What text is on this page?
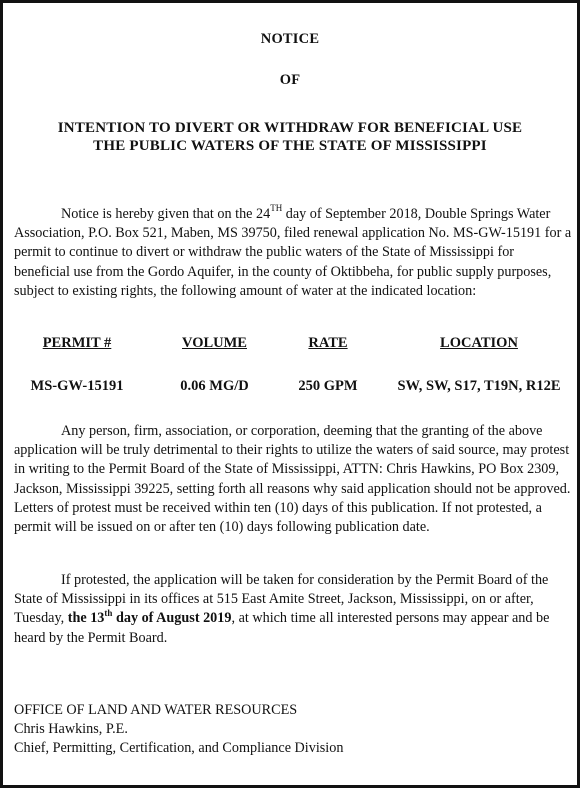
NOTICE
OF
INTENTION TO DIVERT OR WITHDRAW FOR BENEFICIAL USE
THE PUBLIC WATERS OF THE STATE OF MISSISSIPPI

Notice is hereby given that on the 24TH day of September 2018, Double Springs Water Association, P.O. Box 521, Maben, MS 39750, filed renewal application No. MS-GW-15191 for a permit to continue to divert or withdraw the public waters of the State of Mississippi for beneficial use from the Gordo Aquifer, in the county of Oktibbeha, for public supply purposes, subject to existing rights, the following amount of water at the indicated location:

PERMIT #	VOLUME	RATE	LOCATION
MS-GW-15191	0.06 MG/D	250 GPM	SW, SW, S17, T19N, R12E

Any person, firm, association, or corporation, deeming that the granting of the above application will be truly detrimental to their rights to utilize the waters of said source, may protest in writing to the Permit Board of the State of Mississippi, ATTN: Chris Hawkins, PO Box 2309, Jackson, Mississippi 39225, setting forth all reasons why said application should not be approved. Letters of protest must be received within ten (10) days of this publication. If not protested, a permit will be issued on or after ten (10) days following publication date.

If protested, the application will be taken for consideration by the Permit Board of the State of Mississippi in its offices at 515 East Amite Street, Jackson, Mississippi, on or after, Tuesday, the 13th day of August 2019, at which time all interested persons may appear and be heard by the Permit Board.

OFFICE OF LAND AND WATER RESOURCES
Chris Hawkins, P.E.
Chief, Permitting, Certification, and Compliance Division
